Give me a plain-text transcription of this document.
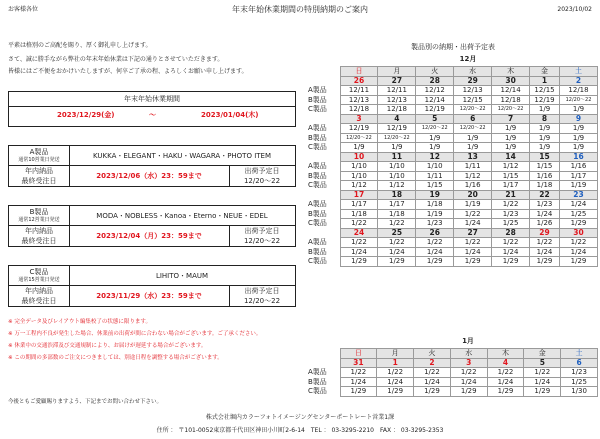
お客様各位	年末年始休業期間の特別納期のご案内	2023/10/02
平素は格別のご高配を賜り、厚く御礼申し上げます。
さて、誠に勝手ながら弊社の年末年始休業は下記の通りとさせていただきます。
皆様にはご不便をおかけいたしますが、何卒ご了承の程、よろしくお願い申し上げます。
年末年始休業期間
2023/12/29(金)	～	2023/01/04(木)
A製品
通常10営業日発送	KUKKA・ELEGANT・HAKU・WAGARA・PHOTO ITEM
年内納品
最終受注日
2023/12/06（水）23：59まで
出荷予定日
12/20～22
B製品
通常12営業日発送	MODA・NOBLESS・Kanoa・Eterno・NEUE・EDEL
年内納品
最終受注日
2023/12/04（月）23：59まで
出荷予定日
12/20～22
C製品
通常15営業日発送	LIHITO・MAUM
年内納品
最終受注日
2023/11/29（水）23：59まで
出荷予定日
12/20～22
※ 完全データ及びレイアウト編集校了の状態に限ります。
※ 万一工程内不良が発生した場合、休業前の出荷が間に合わない場合がございます。ご了承ください。
※ 休業中の交通渋滞及び交通規制により、お届けが遅延する場合がございます。
※ この期間の多部数のご注文につきましては、別途日程を調整する場合がございます。
今後ともご愛顧賜りますよう、下記までお問い合わせ下さい。
株式会社堀内カラーフォトイメージングセンターポートレート営業1課
住所 ： 〒101-0052東京都千代田区神田小川町2-6-14　TEL ： 03-3295-2210　FAX ： 03-3295-2353
製品別の納期・出荷予定表
12月
	日	月	火	水	木	金	土
	26	27	28	29	30	1	2
A製品	12/11	12/11	12/12	12/13	12/14	12/15	12/18
B製品	12/13	12/13	12/14	12/15	12/18	12/19	12/20～22
C製品	12/18	12/18	12/19	12/20～22	12/20～22	1/9	1/9
	3	4	5	6	7	8	9
A製品	12/19	12/19	12/20～22	12/20～22	1/9	1/9	1/9
B製品	12/20～22	12/20～22	1/9	1/9	1/9	1/9	1/9
C製品	1/9	1/9	1/9	1/9	1/9	1/9	1/9
	10	11	12	13	14	15	16
A製品	1/10	1/10	1/10	1/11	1/12	1/15	1/16
B製品	1/10	1/10	1/11	1/12	1/15	1/16	1/17
C製品	1/12	1/12	1/15	1/16	1/17	1/18	1/19
	17	18	19	20	21	22	23
A製品	1/17	1/17	1/18	1/19	1/22	1/23	1/24
B製品	1/18	1/18	1/19	1/22	1/23	1/24	1/25
C製品	1/22	1/22	1/23	1/24	1/25	1/26	1/29
	24	25	26	27	28	29	30
A製品	1/22	1/22	1/22	1/22	1/22	1/22	1/22
B製品	1/24	1/24	1/24	1/24	1/24	1/24	1/24
C製品	1/29	1/29	1/29	1/29	1/29	1/29	1/29
1月
	日	月	火	水	木	金	土
	31	1	2	3	4	5	6
A製品	1/22	1/22	1/22	1/22	1/22	1/22	1/23
B製品	1/24	1/24	1/24	1/24	1/24	1/24	1/25
C製品	1/29	1/29	1/29	1/29	1/29	1/29	1/30
